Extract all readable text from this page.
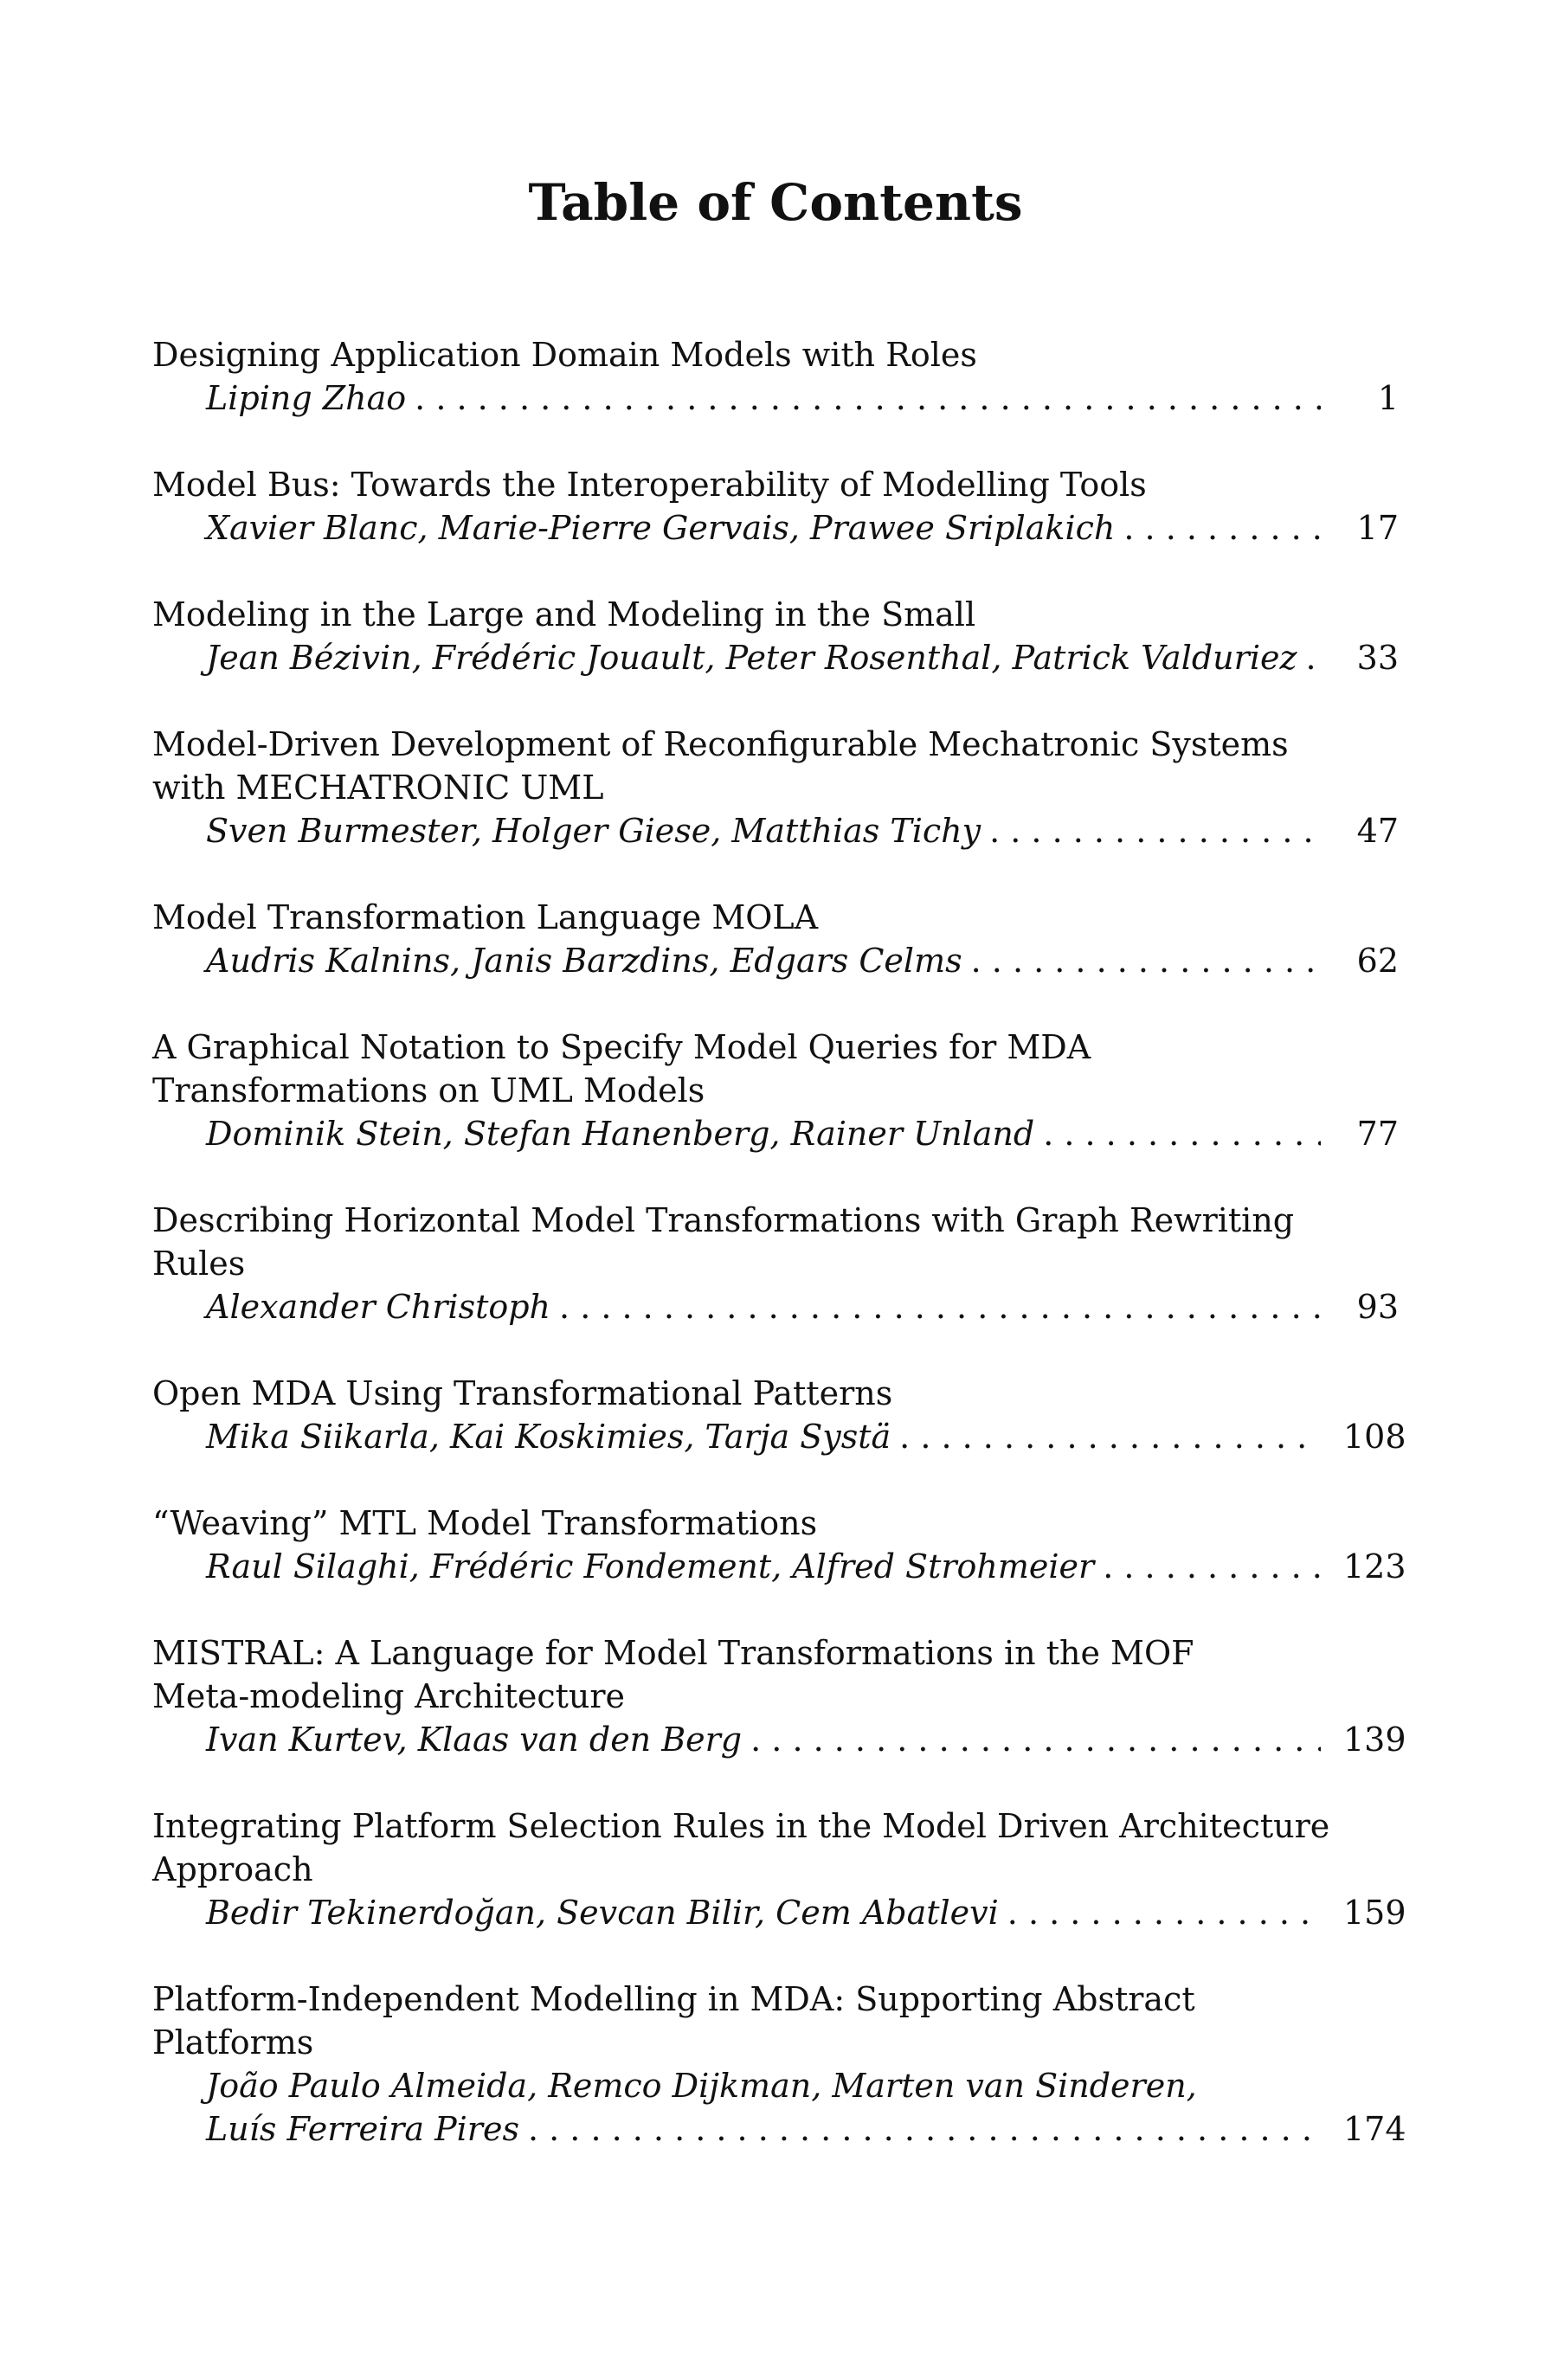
Table of Contents
Designing Application Domain Models with Roles
Liping Zhao . . .	1
Model Bus: Towards the Interoperability of Modelling Tools
Xavier Blanc, Marie-Pierre Gervais, Prawee Sriplakich . . .	17
Modeling in the Large and Modeling in the Small
Jean Bézivin, Frédéric Jouault, Peter Rosenthal, Patrick Valduriez . . .	33
Model-Driven Development of Reconfigurable Mechatronic Systems
with MECHATRONIC UML
Sven Burmester, Holger Giese, Matthias Tichy . . .	47
Model Transformation Language MOLA
Audris Kalnins, Janis Barzdins, Edgars Celms . . .	62
A Graphical Notation to Specify Model Queries for MDA
Transformations on UML Models
Dominik Stein, Stefan Hanenberg, Rainer Unland . . .	77
Describing Horizontal Model Transformations with Graph Rewriting
Rules
Alexander Christoph . . .	93
Open MDA Using Transformational Patterns
Mika Siikarla, Kai Koskimies, Tarja Systä . . .	108
“Weaving” MTL Model Transformations
Raul Silaghi, Frédéric Fondement, Alfred Strohmeier . . .	123
MISTRAL: A Language for Model Transformations in the MOF
Meta-modeling Architecture
Ivan Kurtev, Klaas van den Berg . . .	139
Integrating Platform Selection Rules in the Model Driven Architecture
Approach
Bedir Tekinerdoğan, Sevcan Bilir, Cem Abatlevi . . .	159
Platform-Independent Modelling in MDA: Supporting Abstract
Platforms
João Paulo Almeida, Remco Dijkman, Marten van Sinderen,
Luís Ferreira Pires . . .	174
